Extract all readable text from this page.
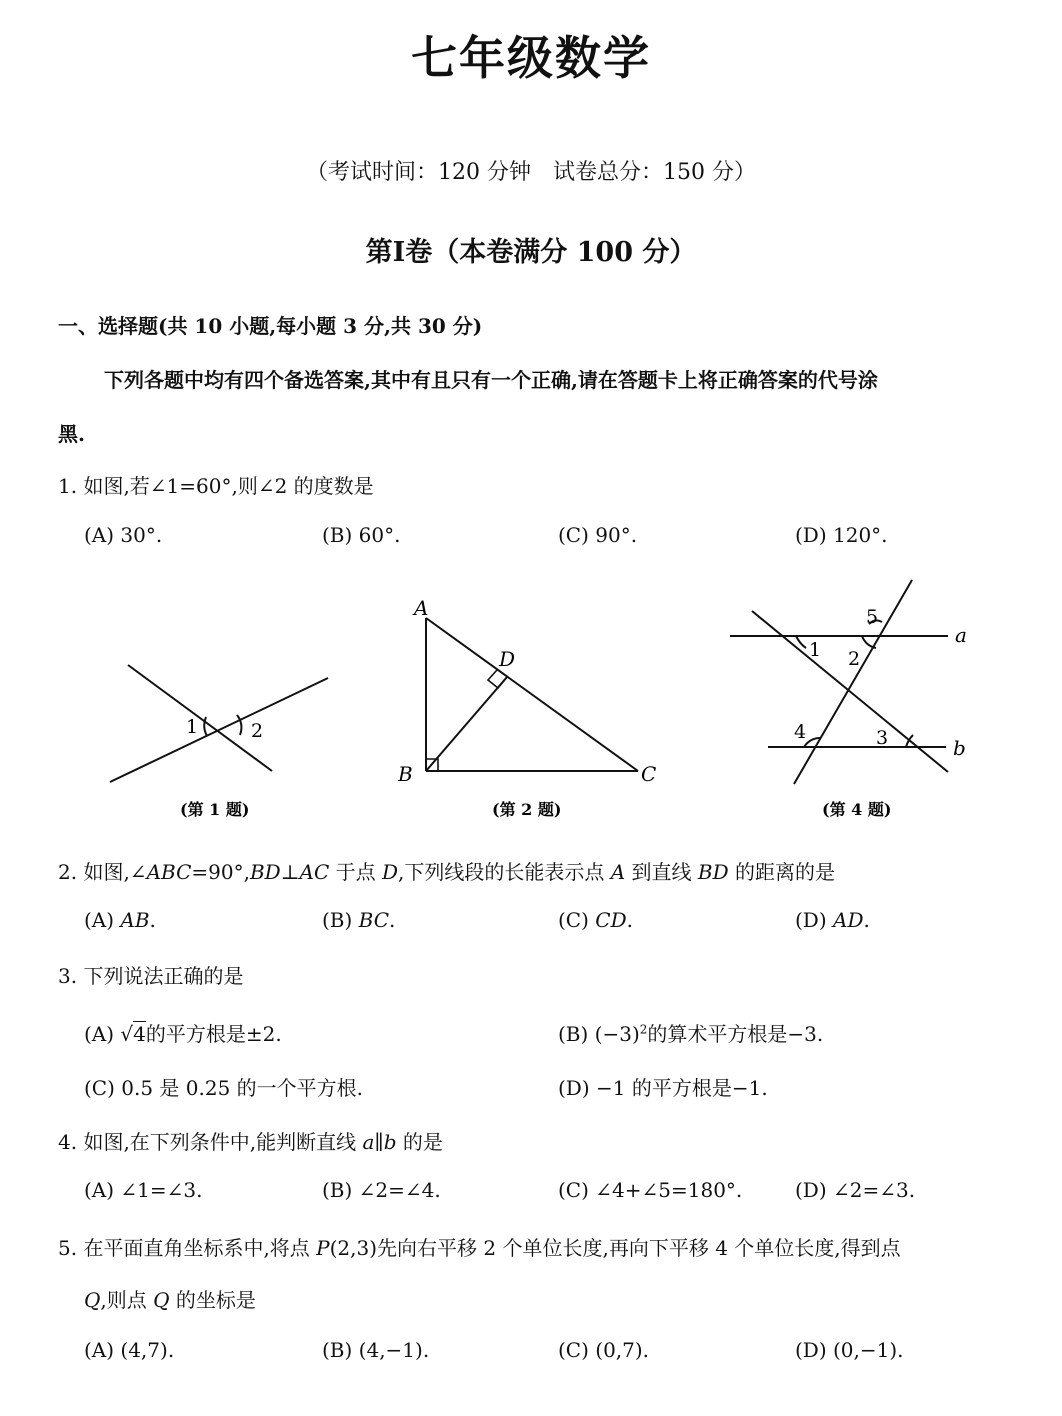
七年级数学
（考试时间：120 分钟　试卷总分：150 分）
第Ⅰ卷（本卷满分 100 分）
一、选择题(共 10 小题,每小题 3 分,共 30 分)
下列各题中均有四个备选答案,其中有且只有一个正确,请在答题卡上将正确答案的代号涂
黑.
1. 如图,若∠1=60°,则∠2 的度数是
(A) 30°.	(B) 60°.	(C) 90°.	(D) 120°.
1	2
(第 1 题)
A
D
B	C
(第 2 题)
5
1 2
a
4	3	b
(第 4 题)
2. 如图,∠ABC=90°,BD⊥AC 于点 D,下列线段的长能表示点 A 到直线 BD 的距离的是
(A) AB.	(B) BC.	(C) CD.	(D) AD.
3. 下列说法正确的是
(A) √4的平方根是±2.	(B) $(-3)^2$的算术平方根是−3.
(C) 0.5 是 0.25 的一个平方根.	(D) −1 的平方根是−1.
4. 如图,在下列条件中,能判断直线 a∥b 的是
(A) ∠1=∠3.	(B) ∠2=∠4.	(C) ∠4+∠5=180°.	(D) ∠2=∠3.
5. 在平面直角坐标系中,将点 P(2,3)先向右平移 2 个单位长度,再向下平移 4 个单位长度,得到点
Q,则点 Q 的坐标是
(A) (4,7).	(B) (4,−1).	(C) (0,7).	(D) (0,−1).
